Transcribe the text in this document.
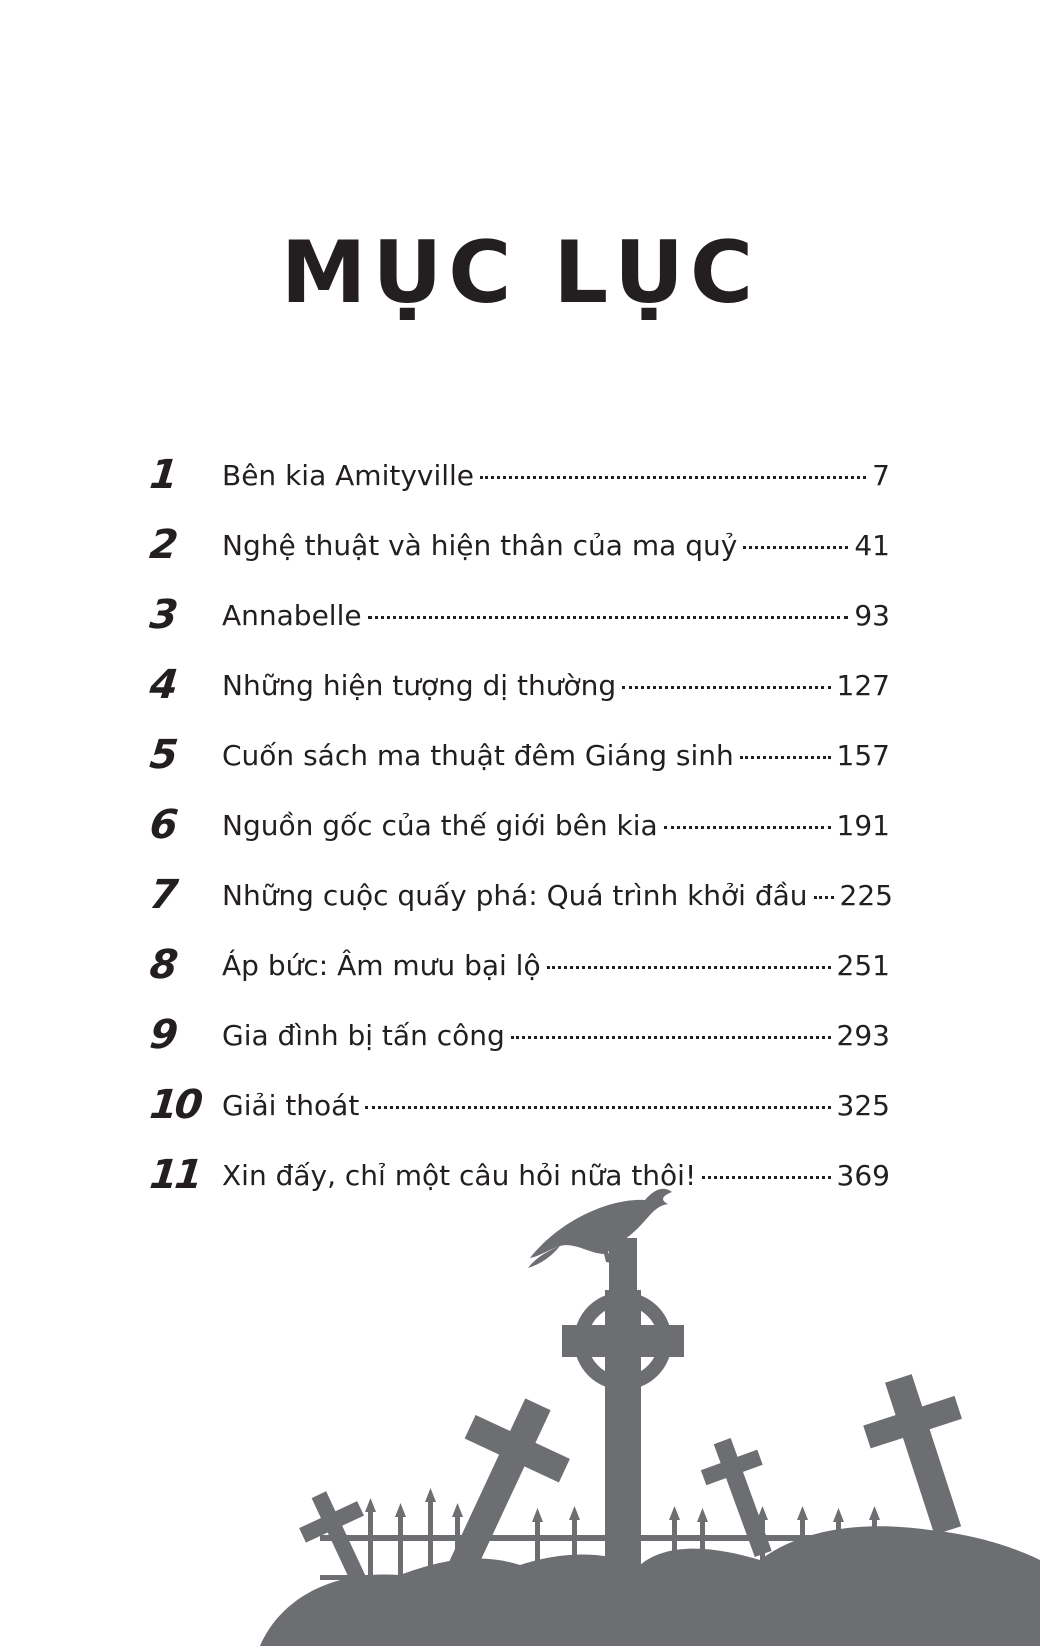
MỤC LỤC
1	Bên kia Amityville	7
2	Nghệ thuật và hiện thân của ma quỷ	41
3	Annabelle	93
4	Những hiện tượng dị thường	127
5	Cuốn sách ma thuật đêm Giáng sinh	157
6	Nguồn gốc của thế giới bên kia	191
7	Những cuộc quấy phá: Quá trình khởi đầu 225
8	Áp bức: Âm mưu bại lộ	251
9	Gia đình bị tấn công	293
10 Giải thoát	325
11 Xin đấy, chỉ một câu hỏi nữa thôi!	369
